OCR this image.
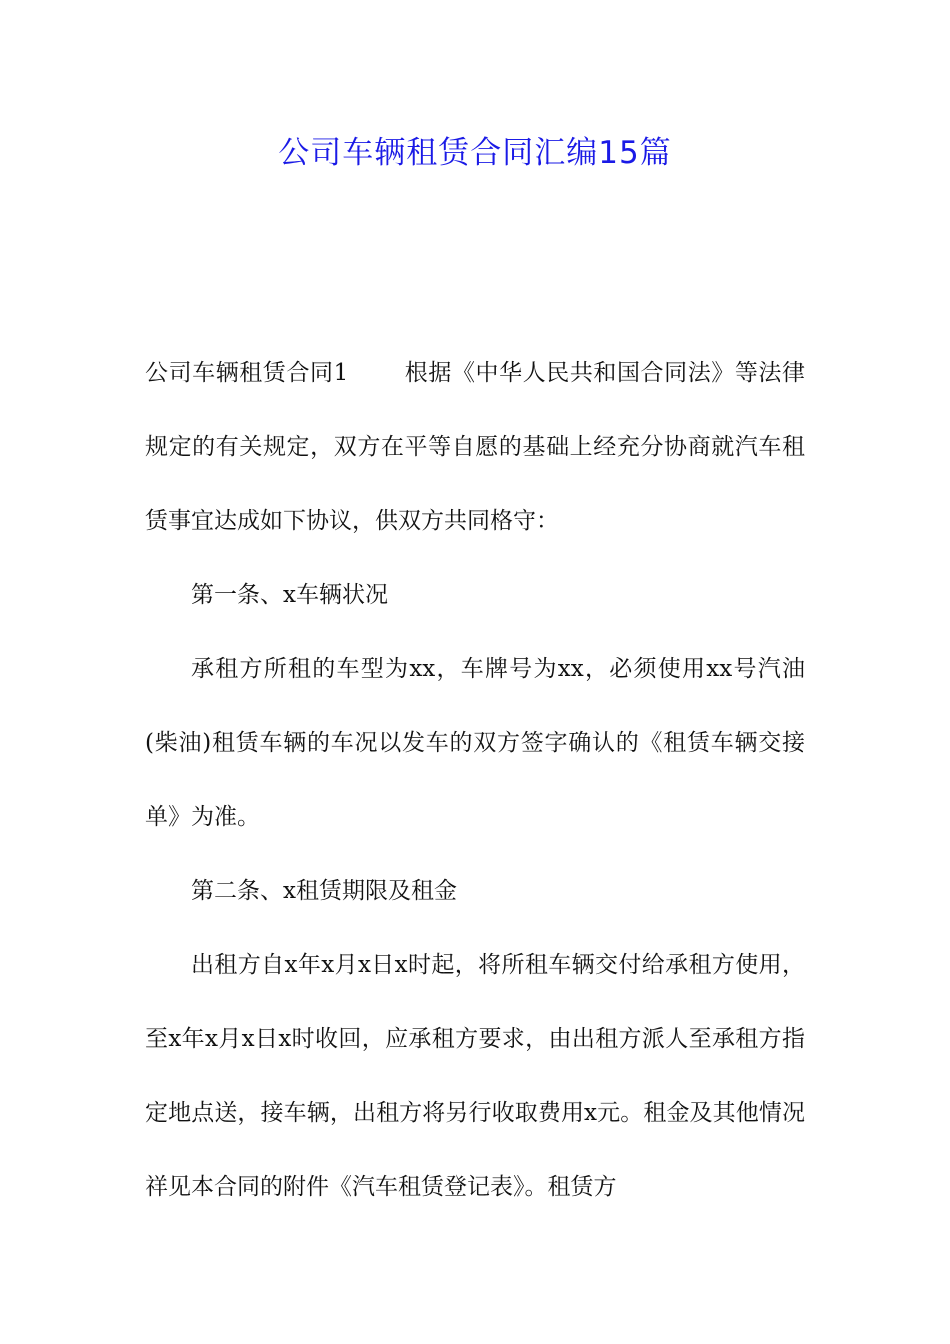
公司车辆租赁合同汇编15篇

公司车辆租赁合同1 根据《中华人民共和国合同法》等法律规定的有关规定，双方在平等自愿的基础上经充分协商就汽车租赁事宜达成如下协议，供双方共同格守：

第一条、x车辆状况

承租方所租的车型为xx，车牌号为xx，必须使用xx号汽油(柴油)租赁车辆的车况以发车的双方签字确认的《租赁车辆交接单》为准。

第二条、x租赁期限及租金

出租方自x年x月x日x时起，将所租车辆交付给承租方使用，至x年x月x日x时收回，应承租方要求，由出租方派人至承租方指定地点送，接车辆，出租方将另行收取费用x元。租金及其他情况祥见本合同的附件《汽车租赁登记表》。租赁方
